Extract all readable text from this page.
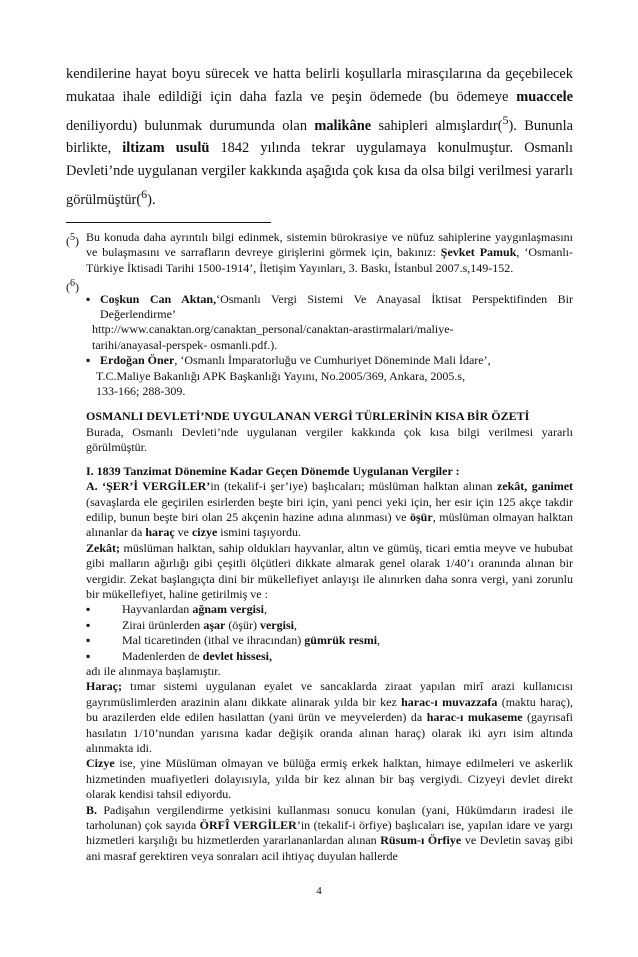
kendilerine hayat boyu sürecek ve hatta belirli koşullarla mirasçılarına da geçebilecek mukataa ihale edildiği için daha fazla ve peşin ödemede (bu ödemeye muaccele deniliyordu) bulunmak durumunda olan malikâne sahipleri almışlardır($^5$). Bununla birlikte, iltizam usulü 1842 yılında tekrar uygulamaya konulmuştur. Osmanlı Devleti’nde uygulanan vergiler kakkında aşağıda çok kısa da olsa bilgi verilmesi yararlı görülmüştür($^6$).

($^5$) Bu konuda daha ayrıntılı bilgi edinmek, sistemin bürokrasiye ve nüfuz sahiplerine yaygınlaşmasını ve bulaşmasını ve sarrafların devreye girişlerini görmek için, bakınız: Şevket Pamuk, ‘Osmanlı-Türkiye İktisadi Tarihi 1500-1914’, İletişim Yayınları, 3. Baskı, İstanbul 2007.s,149-152.
($^6$)

▪ Coşkun Can Aktan,‘Osmanlı Vergi Sistemi Ve Anayasal İktisat Perspektifinden Bir Değerlendirme’
http://www.canaktan.org/canaktan_personal/canaktan-arastirmalari/maliye-
tarihi/anayasal-perspek- osmanli.pdf.).
▪ Erdoğan Öner, ‘Osmanlı İmparatorluğu ve Cumhuriyet Döneminde Mali İdare’,
T.C.Maliye Bakanlığı APK Başkanlığı Yayını, No.2005/369, Ankara, 2005.s,
133-166; 288-309.
OSMANLI DEVLETİ’NDE UYGULANAN VERGİ TÜRLERİNİN KISA BİR ÖZETİ
Burada, Osmanlı Devleti’nde uygulanan vergiler kakkında çok kısa bilgi verilmesi yararlı görülmüştür.
I. 1839 Tanzimat Dönemine Kadar Geçen Dönemde Uygulanan Vergiler :
A. ‘ŞER’İ VERGİLER’in (tekalif-i şer’iye) başlıcaları; müslüman halktan alınan zekât, ganimet (savaşlarda ele geçirilen esirlerden beşte biri için, yani penci yeki için, her esir için 125 akçe takdir edilip, bunun beşte biri olan 25 akçenin hazine adına alınması) ve öşür, müslüman olmayan halktan alınanlar da haraç ve cizye ismini taşıyordu.
Zekât; müslüman halktan, sahip oldukları hayvanlar, altın ve gümüş, ticari emtia meyve ve hububat gibi malların ağırlığı gibi çeşitli ölçütleri dikkate almarak genel olarak 1/40’ı oranında alınan bir vergidir. Zekat başlangıçta dini bir mükellefiyet anlayışı ile alınırken daha sonra vergi, yani zorunlu bir mükellefiyet, haline getirilmiş ve :
▪	Hayvanlardan ağnam vergisi,
▪	Zirai ürünlerden aşar (öşür) vergisi,
▪	Mal ticaretinden (ithal ve ihracından) gümrük resmi,
▪	Madenlerden de devlet hissesi,
adı ile alınmaya başlamıştır.
Haraç; tımar sistemi uygulanan eyalet ve sancaklarda ziraat yapılan mirî arazi kullanıcısı gayrımüslimlerden arazinin alanı dikkate alinarak yılda bir kez harac-ı muvazzafa (maktu haraç), bu arazilerden elde edilen hasılattan (yani ürün ve meyvelerden) da harac-ı mukaseme (gayrısafi hasılatın 1/10’nundan yarısına kadar değişik oranda alınan haraç) olarak iki ayrı isim altında alınmakta idi.
Cizye ise, yine Müslüman olmayan ve bülüğa ermiş erkek halktan, himaye edilmeleri ve askerlik hizmetinden muafiyetleri dolayısıyla, yılda bir kez alınan bir baş vergiydi. Cizyeyi devlet direkt olarak kendisi tahsil ediyordu.
B. Padişahın vergilendirme yetkisini kullanması sonucu konulan (yani, Hükümdarın iradesi ile tarholunan) çok sayıda ÖRFÎ VERGİLER’in (tekalif-i örfiye) başlıcaları ise, yapılan idare ve yargı hizmetleri karşılığı bu hizmetlerden yararlananlardan alınan Rüsum-ı Örfiye ve Devletin savaş gibi ani masraf gerektiren veya sonraları acil ihtiyaç duyulan hallerde
4
